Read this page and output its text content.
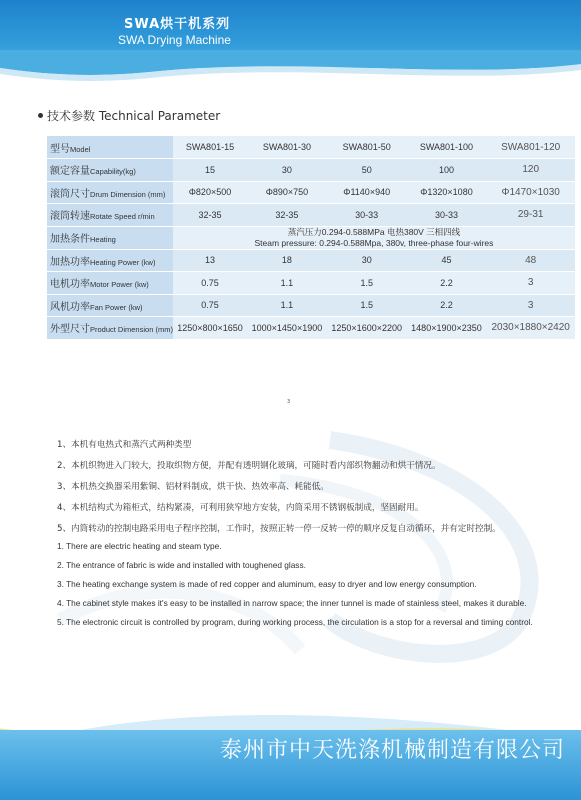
SWA烘干机系列
SWA Drying Machine
技术参数 Technical Parameter
型号Model	SWA801-15	SWA801-30	SWA801-50	SWA801-100	SWA801-120
额定容量Capability(kg)	15	30	50	100	120
滚筒尺寸Drum Dimension (mm)	Φ820×500	Φ890×750	Φ1140×940	Φ1320×1080	Φ1470×1030
滚筒转速Rotate Speed r/min	32-35	32-35	30-33	30-33	29-31
加热条件Heating	蒸汽压力0.294-0.588MPa 电热380V 三相四线
Steam pressure: 0.294-0.588Mpa, 380v, three-phase four-wires				

加热功率Heating Power (kw)	13	18	30	45	48
电机功率Motor Power (kw)	0.75	1.1	1.5	2.2	3
风机功率Fan Power (kw)	0.75	1.1	1.5	2.2	3
外型尺寸Product Dimension (mm)	1250×800×1650	1000×1450×1900	1250×1600×2200	1480×1900×2350	2030×1880×2420
3
1、本机有电热式和蒸汽式两种类型
2、本机织物进入门较大，投取织物方便，并配有透明钢化玻璃，可随时看内部织物翻动和烘干情况。
3、本机热交换器采用紫铜、铝材料制成，烘干快、热效率高、耗能低。
4、本机结构式为箱柜式，结构紧凑，可利用狭窄地方安装，内筒采用不锈钢板制成，坚固耐用。
5、内筒转动的控制电路采用电子程序控制，工作时，按照正转一停一反转一停的顺序反复自动循环，并有定时控制。
1. There are electric heating and steam type.
2. The entrance of fabric is wide and installed with toughened glass.
3. The heating exchange system is made of red copper and aluminum, easy to dryer and low energy consumption.
4. The cabinet style makes it's easy to be installed in narrow space; the inner tunnel is made of stainless steel, makes it durable.
5. The electronic circuit is controlled by program, during working process, the circulation is a stop for a reversal and timing control.
泰州市中天洗涤机械制造有限公司
